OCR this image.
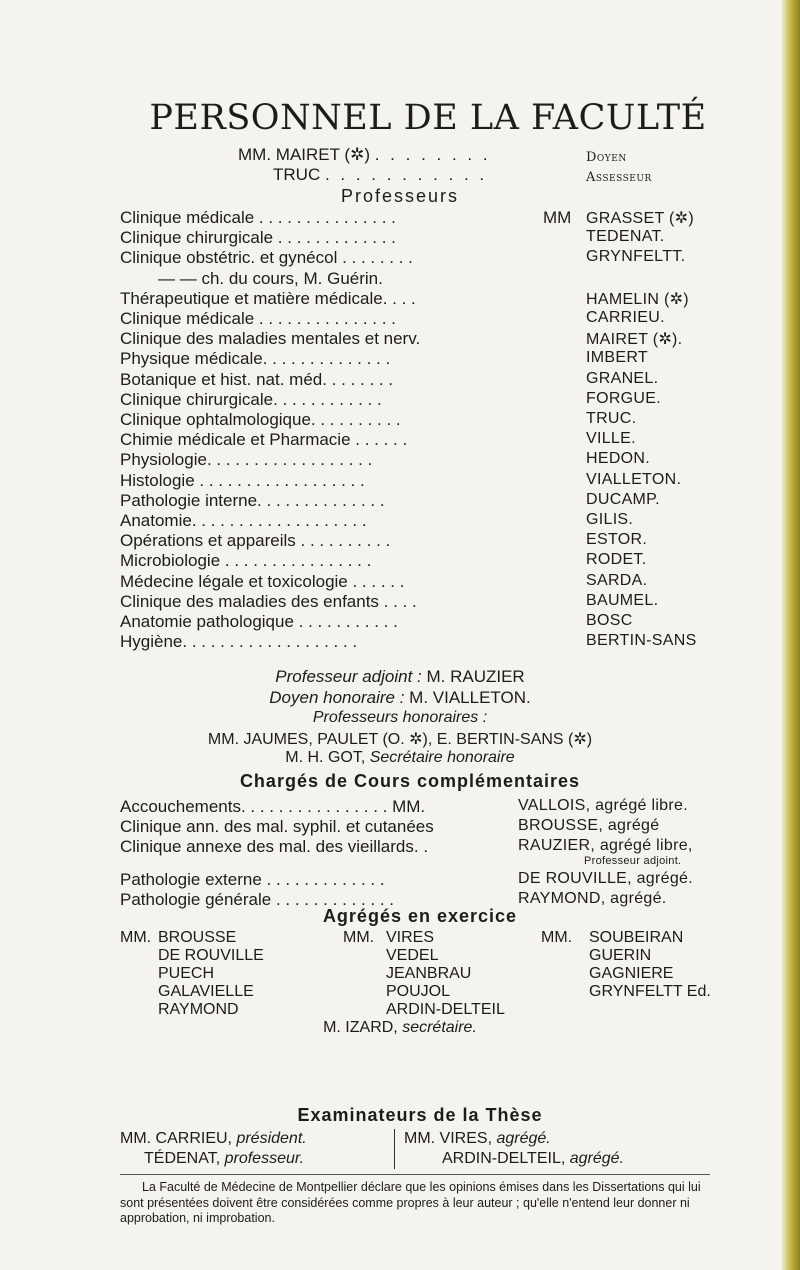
PERSONNEL DE LA FACULTÉ
MM. MAIRET (✲) . . . . . . . .	Doyen
TRUC . . . . . . . . . . .	Assesseur
Professeurs
MM
Clinique médicale . . . . . . . . . . . . . . .	GRASSET (✲)
Clinique chirurgicale . . . . . . . . . . . . .	TEDENAT.
Clinique obstétric. et gynécol . . . . . . . .	GRYNFELTT.
— — ch. du cours, M. Guérin.
Thérapeutique et matière médicale. . . .	HAMELIN (✲)
Clinique médicale . . . . . . . . . . . . . . .	CARRIEU.
Clinique des maladies mentales et nerv.	MAIRET (✲).
Physique médicale. . . . . . . . . . . . . .	IMBERT
Botanique et hist. nat. méd. . . . . . . .	GRANEL.
Clinique chirurgicale. . . . . . . . . . . .	FORGUE.
Clinique ophtalmologique. . . . . . . . . .	TRUC.
Chimie médicale et Pharmacie . . . . . .	VILLE.
Physiologie. . . . . . . . . . . . . . . . . .	HEDON.
Histologie . . . . . . . . . . . . . . . . . .	VIALLETON.
Pathologie interne. . . . . . . . . . . . . .	DUCAMP.
Anatomie. . . . . . . . . . . . . . . . . . .	GILIS.
Opérations et appareils . . . . . . . . . .	ESTOR.
Microbiologie . . . . . . . . . . . . . . . .	RODET.
Médecine légale et toxicologie . . . . . .	SARDA.
Clinique des maladies des enfants . . . .	BAUMEL.
Anatomie pathologique . . . . . . . . . . .	BOSC
Hygiène. . . . . . . . . . . . . . . . . . .	BERTIN-SANS
Professeur adjoint : M. RAUZIER
Doyen honoraire : M. VIALLETON.
Professeurs honoraires :
MM. JAUMES, PAULET (O. ✲), E. BERTIN-SANS (✲)
M. H. GOT, Secrétaire honoraire
Chargés de Cours complémentaires
Accouchements. . . . . . . . . . . . . . . . MM.	VALLOIS, agrégé libre.
Clinique ann. des mal. syphil. et cutanées	BROUSSE, agrégé
Clinique annexe des mal. des vieillards. .	RAUZIER, agrégé libre,
Professeur adjoint.
Pathologie externe . . . . . . . . . . . . .	DE ROUVILLE, agrégé.
Pathologie générale . . . . . . . . . . . . .	RAYMOND, agrégé.
Agrégés en exercice
MM. BROUSSE
DE ROUVILLE
PUECH
GALAVIELLE
RAYMOND
MM. VIRES
VEDEL
JEANBRAU
POUJOL
ARDIN-DELTEIL
MM. SOUBEIRAN
GUERIN
GAGNIERE
GRYNFELTT Ed.
M. IZARD, secrétaire.
Examinateurs de la Thèse
MM. CARRIEU, président.
TÉDENAT, professeur.
MM. VIRES, agrégé.
ARDIN-DELTEIL, agrégé.
La Faculté de Médecine de Montpellier déclare que les opinions émises dans les Dissertations qui lui sont présentées doivent être considérées comme propres à leur auteur ; qu'elle n'entend leur donner ni approbation, ni improbation.
